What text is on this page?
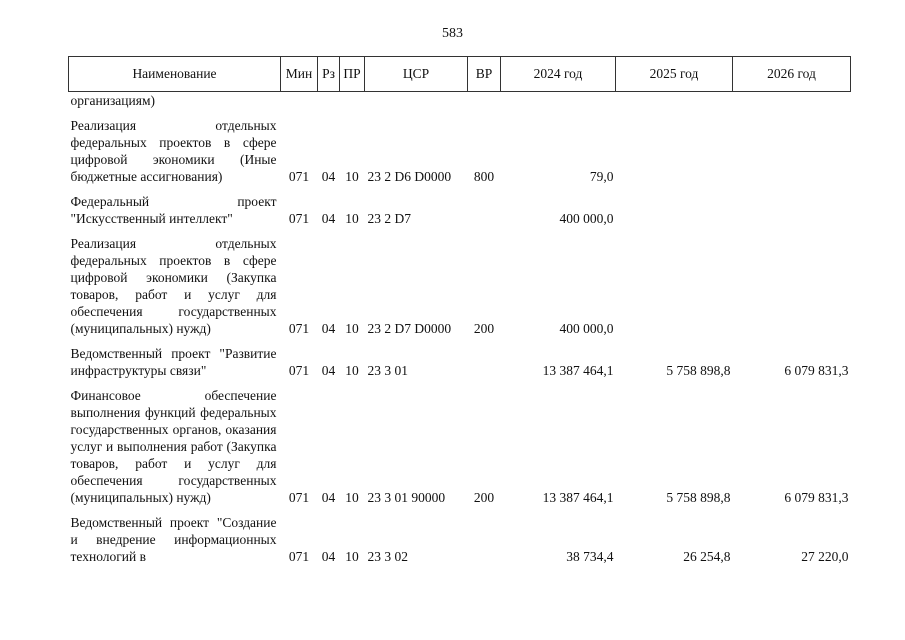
583
Наименование	Мин	Рз	ПР	ЦСР	ВР	2024 год	2025 год	2026 год
организациям)								

Реализация отдельных федеральных проектов в сфере цифровой экономики (Иные бюджетные ассигнования)	071	04	10	23 2 D6 D0000	800	79,0		

Федеральный проект "Искусственный интеллект"	071	04	10	23 2 D7		400 000,0		

Реализация отдельных федеральных проектов в сфере цифровой экономики (Закупка товаров, работ и услуг для обеспечения государственных (муниципальных) нужд)	071	04	10	23 2 D7 D0000	200	400 000,0		

Ведомственный проект "Развитие инфраструктуры связи"	071	04	10	23 3 01		13 387 464,1	5 758 898,8	6 079 831,3

Финансовое обеспечение выполнения функций федеральных государственных органов, оказания услуг и выполнения работ (Закупка товаров, работ и услуг для обеспечения государственных (муниципальных) нужд)	071	04	10	23 3 01 90000	200	13 387 464,1	5 758 898,8	6 079 831,3

Ведомственный проект "Создание и внедрение информационных технологий в	071	04	10	23 3 02		38 734,4	26 254,8	27 220,0
